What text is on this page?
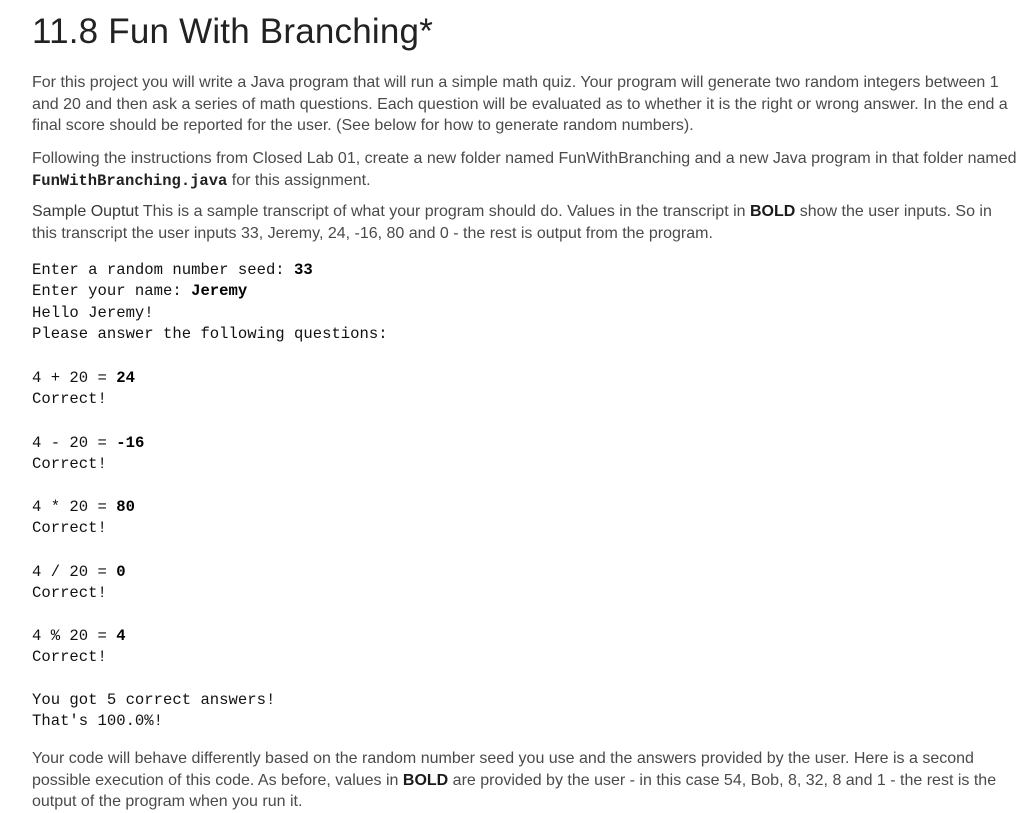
11.8 Fun With Branching*

For this project you will write a Java program that will run a simple math quiz. Your program will generate two random integers between 1
and 20 and then ask a series of math questions. Each question will be evaluated as to whether it is the right or wrong answer. In the end a
final score should be reported for the user. (See below for how to generate random numbers).

Following the instructions from Closed Lab 01, create a new folder named FunWithBranching and a new Java program in that folder named
FunWithBranching.java for this assignment.

Sample Ouptut This is a sample transcript of what your program should do. Values in the transcript in BOLD show the user inputs. So in
this transcript the user inputs 33, Jeremy, 24, -16, 80 and 0 - the rest is output from the program.

Enter a random number seed: 33
Enter your name: Jeremy
Hello Jeremy!
Please answer the following questions:
4 + 20 = 24
Correct!
4 - 20 = -16
Correct!
4 * 20 = 80
Correct!
4 / 20 = 0
Correct!
4 % 20 = 4
Correct!
You got 5 correct answers!
That's 100.0%!

Your code will behave differently based on the random number seed you use and the answers provided by the user. Here is a second
possible execution of this code. As before, values in BOLD are provided by the user - in this case 54, Bob, 8, 32, 8 and 1 - the rest is the
output of the program when you run it.
